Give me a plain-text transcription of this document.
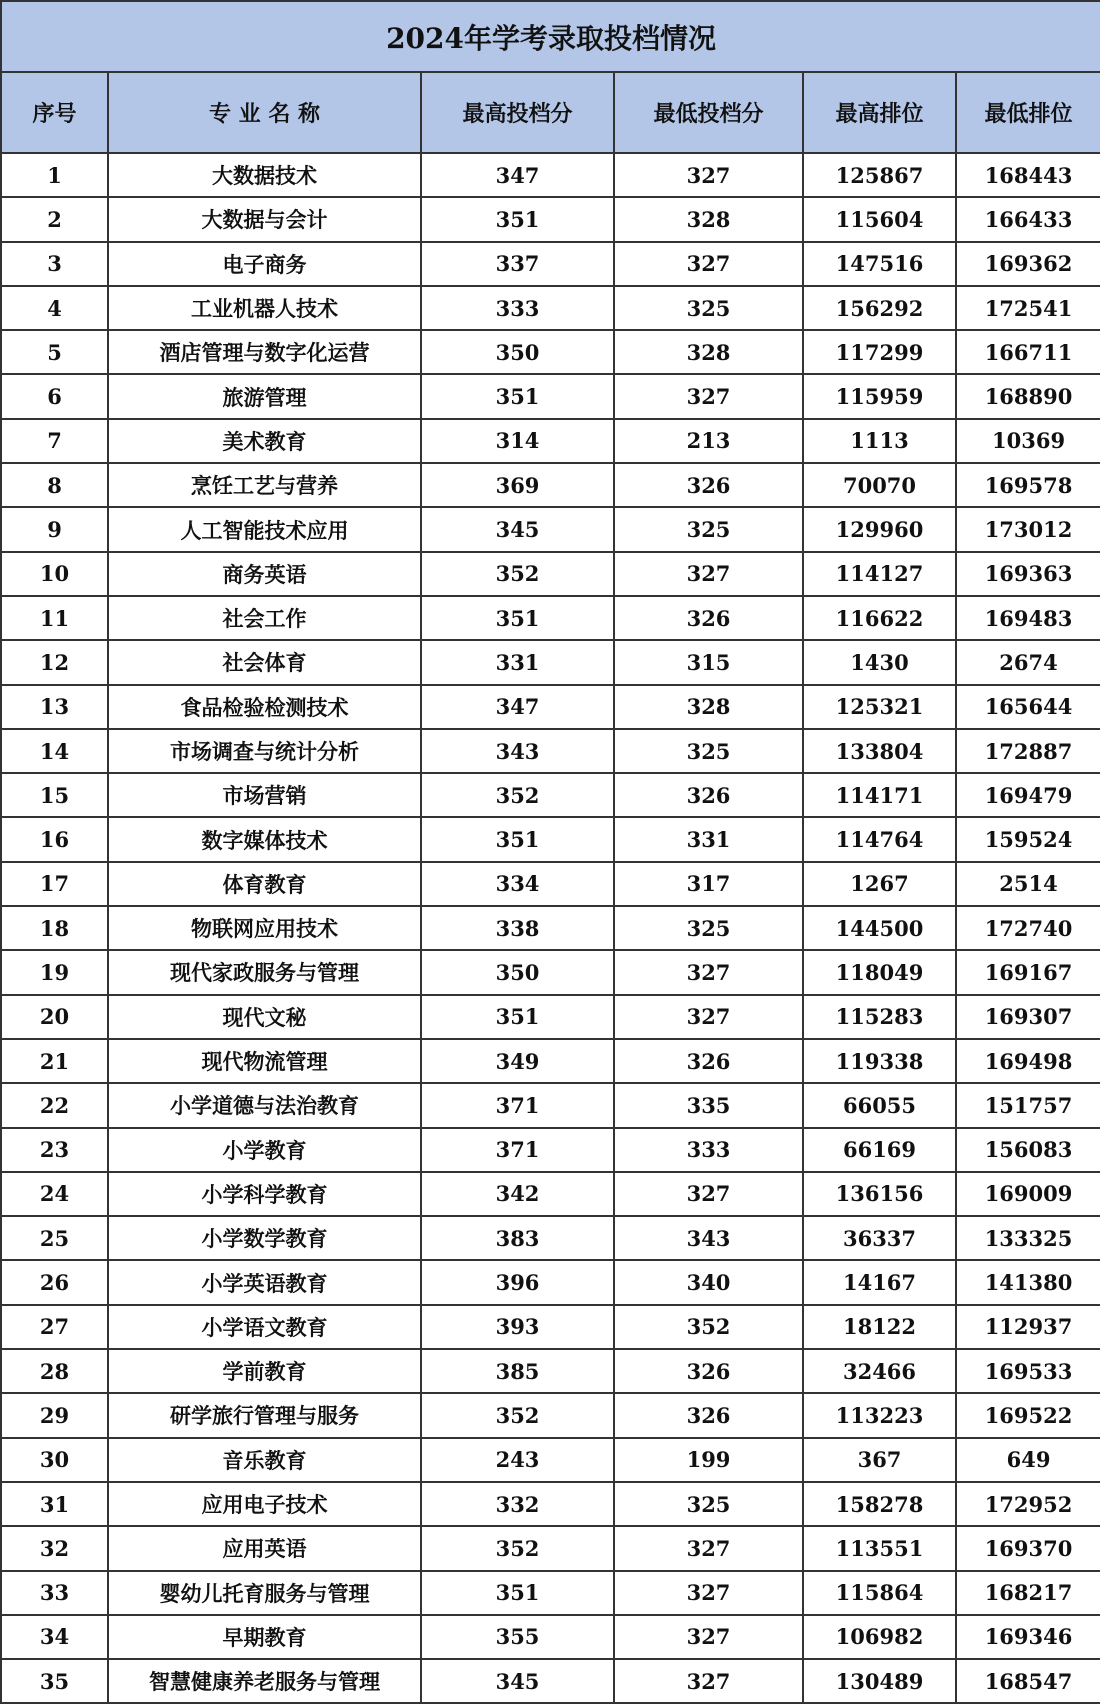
2024年学考录取投档情况					
序号	专 业 名 称	最高投档分	最低投档分	最高排位	最低排位
1	大数据技术	347	327	125867	168443
2	大数据与会计	351	328	115604	166433
3	电子商务	337	327	147516	169362
4	工业机器人技术	333	325	156292	172541
5	酒店管理与数字化运营	350	328	117299	166711
6	旅游管理	351	327	115959	168890
7	美术教育	314	213	1113	10369
8	烹饪工艺与营养	369	326	70070	169578
9	人工智能技术应用	345	325	129960	173012
10	商务英语	352	327	114127	169363
11	社会工作	351	326	116622	169483
12	社会体育	331	315	1430	2674
13	食品检验检测技术	347	328	125321	165644
14	市场调查与统计分析	343	325	133804	172887
15	市场营销	352	326	114171	169479
16	数字媒体技术	351	331	114764	159524
17	体育教育	334	317	1267	2514
18	物联网应用技术	338	325	144500	172740
19	现代家政服务与管理	350	327	118049	169167
20	现代文秘	351	327	115283	169307
21	现代物流管理	349	326	119338	169498
22	小学道德与法治教育	371	335	66055	151757
23	小学教育	371	333	66169	156083
24	小学科学教育	342	327	136156	169009
25	小学数学教育	383	343	36337	133325
26	小学英语教育	396	340	14167	141380
27	小学语文教育	393	352	18122	112937
28	学前教育	385	326	32466	169533
29	研学旅行管理与服务	352	326	113223	169522
30	音乐教育	243	199	367	649
31	应用电子技术	332	325	158278	172952
32	应用英语	352	327	113551	169370
33	婴幼儿托育服务与管理	351	327	115864	168217
34	早期教育	355	327	106982	169346
35	智慧健康养老服务与管理	345	327	130489	168547
